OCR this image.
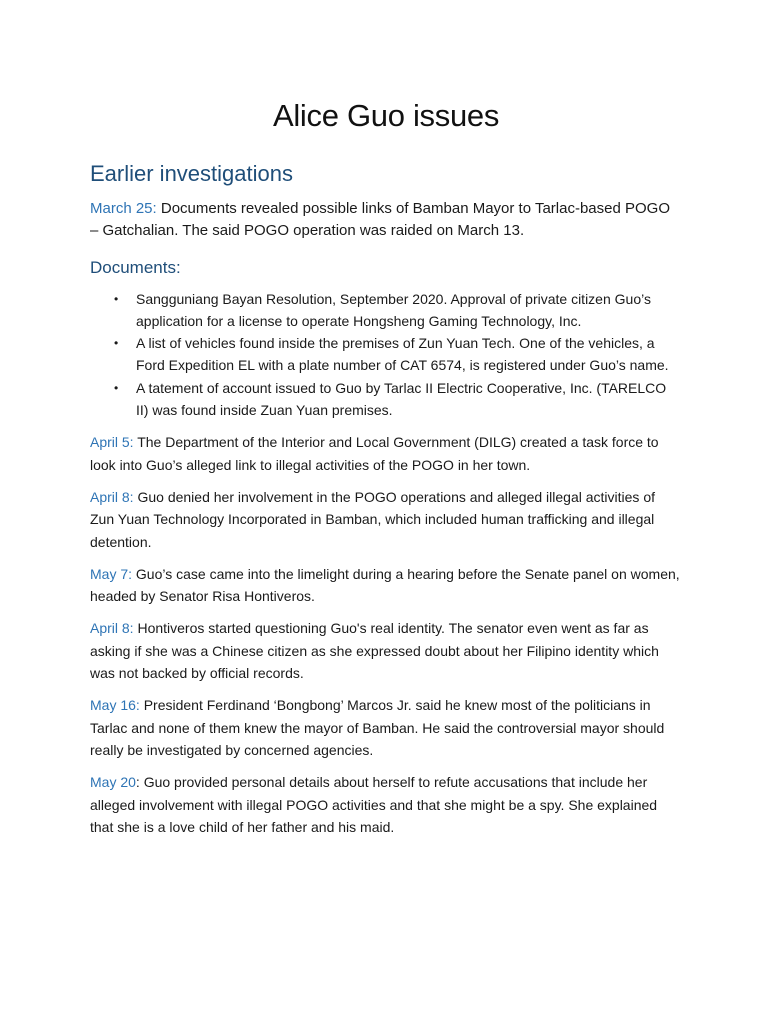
Alice Guo issues
Earlier investigations

March 25: Documents revealed possible links of Bamban Mayor to Tarlac-based POGO – Gatchalian. The said POGO operation was raided on March 13.

Documents:
• Sangguniang Bayan Resolution, September 2020. Approval of private citizen Guo’s application for a license to operate Hongsheng Gaming Technology, Inc.
• A list of vehicles found inside the premises of Zun Yuan Tech. One of the vehicles, a Ford Expedition EL with a plate number of CAT 6574, is registered under Guo’s name.
• A tatement of account issued to Guo by Tarlac II Electric Cooperative, Inc. (TARELCO II) was found inside Zuan Yuan premises.

April 5: The Department of the Interior and Local Government (DILG) created a task force to look into Guo’s alleged link to illegal activities of the POGO in her town.

April 8: Guo denied her involvement in the POGO operations and alleged illegal activities of Zun Yuan Technology Incorporated in Bamban, which included human trafficking and illegal detention.

May 7: Guo’s case came into the limelight during a hearing before the Senate panel on women, headed by Senator Risa Hontiveros.

April 8: Hontiveros started questioning Guo's real identity. The senator even went as far as asking if she was a Chinese citizen as she expressed doubt about her Filipino identity which was not backed by official records.

May 16: President Ferdinand ‘Bongbong’ Marcos Jr. said he knew most of the politicians in Tarlac and none of them knew the mayor of Bamban. He said the controversial mayor should really be investigated by concerned agencies.

May 20: Guo provided personal details about herself to refute accusations that include her alleged involvement with illegal POGO activities and that she might be a spy. She explained that she is a love child of her father and his maid.
